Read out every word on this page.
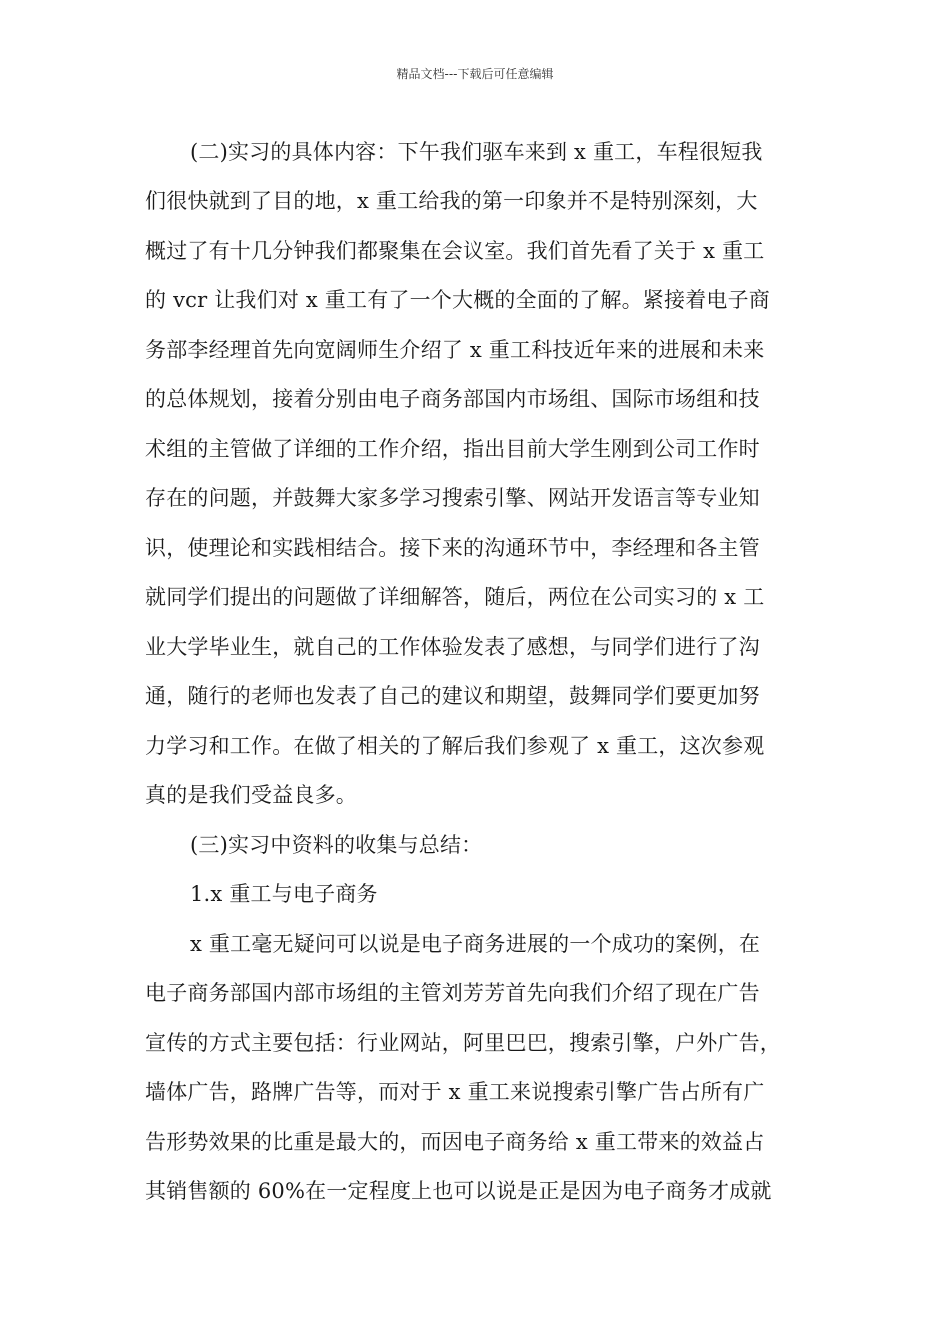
精品文档---下载后可任意编辑
(二)实习的具体内容：下午我们驱车来到 x 重工，车程很短我
们很快就到了目的地，x 重工给我的第一印象并不是特别深刻，大
概过了有十几分钟我们都聚集在会议室。我们首先看了关于 x 重工
的 vcr 让我们对 x 重工有了一个大概的全面的了解。紧接着电子商
务部李经理首先向宽阔师生介绍了 x 重工科技近年来的进展和未来
的总体规划，接着分别由电子商务部国内市场组、国际市场组和技
术组的主管做了详细的工作介绍，指出目前大学生刚到公司工作时
存在的问题，并鼓舞大家多学习搜索引擎、网站开发语言等专业知
识，使理论和实践相结合。接下来的沟通环节中，李经理和各主管
就同学们提出的问题做了详细解答，随后，两位在公司实习的 x 工
业大学毕业生，就自己的工作体验发表了感想，与同学们进行了沟
通，随行的老师也发表了自己的建议和期望，鼓舞同学们要更加努
力学习和工作。在做了相关的了解后我们参观了 x 重工，这次参观
真的是我们受益良多。
(三)实习中资料的收集与总结：
1.x 重工与电子商务
x 重工毫无疑问可以说是电子商务进展的一个成功的案例，在
电子商务部国内部市场组的主管刘芳芳首先向我们介绍了现在广告
宣传的方式主要包括：行业网站，阿里巴巴，搜索引擎，户外广告，
墙体广告，路牌广告等，而对于 x 重工来说搜索引擎广告占所有广
告形势效果的比重是最大的，而因电子商务给 x 重工带来的效益占
其销售额的 60%在一定程度上也可以说是正是因为电子商务才成就
